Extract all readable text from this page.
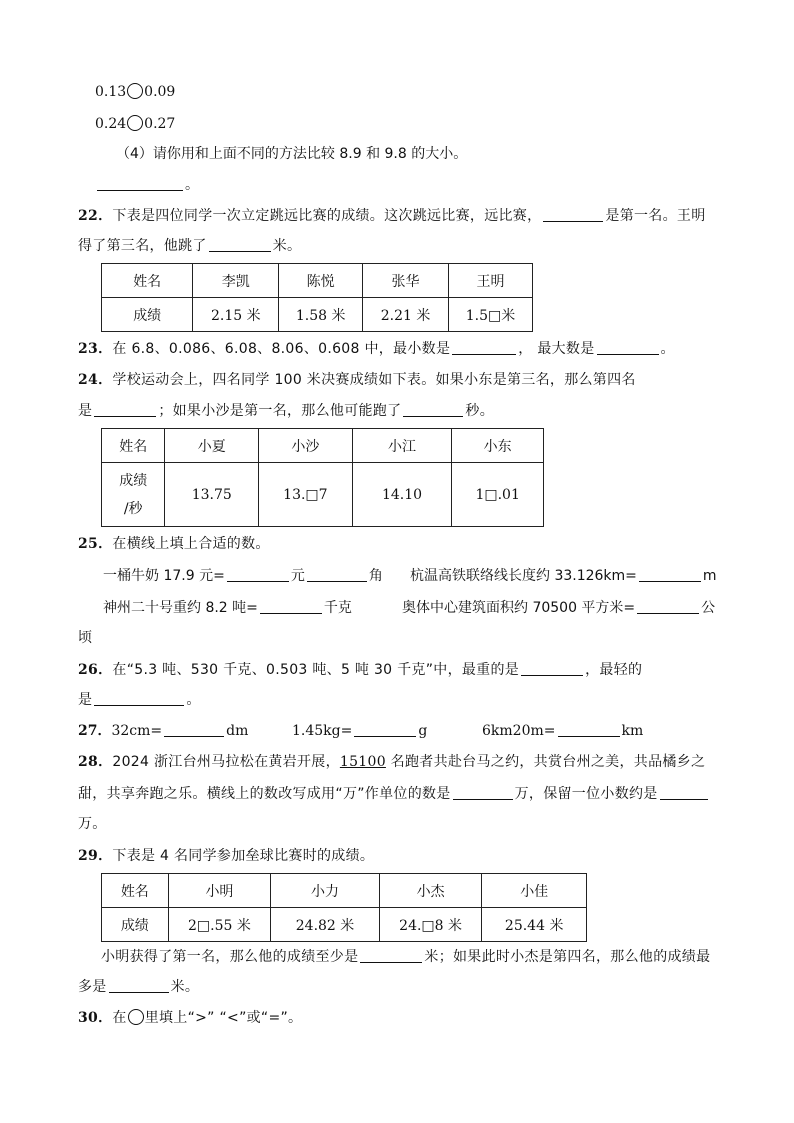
0.13 0.09
0.24 0.27
（4）请你用和上面不同的方法比较 8.9 和 9.8 的大小。
。
22．下表是四位同学一次立定跳远比赛的成绩。这次跳远比赛，远比赛，	是第一名。王明
得了第三名，他跳了	米。
姓名	李凯	陈悦	张华	王明
成绩	2.15 米	1.58 米	2.21 米	1.5□米
23．在 6.8、0.086、6.08、8.06、0.608 中，最小数是	， 最大数是	。
24．学校运动会上，四名同学 100 米决赛成绩如下表。如果小东是第三名，那么第四名
是	；如果小沙是第一名，那么他可能跑了	秒。
姓名	小夏	小沙	小江	小东

成绩
/秒	13.75	13.□7	14.10	1□.01
25．在横线上填上合适的数。
一桶牛奶 17.9 元=	元	角 杭温高铁联络线长度约 33.126km=	m
神州二十号重约 8.2 吨=	千克	奥体中心建筑面积约 70500 平方米=	公
顷
26．在“5.3 吨、530 千克、0.503 吨、5 吨 30 千克”中，最重的是	，最轻的
是	。
27．32cm=	dm	1.45kg=	g	6km20m=	km
28．2024 浙江台州马拉松在黄岩开展，15100 名跑者共赴台马之约，共赏台州之美，共品橘乡之
甜，共享奔跑之乐。横线上的数改写成用“万”作单位的数是	万，保留一位小数约是
万。
29．下表是 4 名同学参加垒球比赛时的成绩。
姓名	小明	小力	小杰	小佳
成绩	2□.55 米	24.82 米	24.□8 米	25.44 米
小明获得了第一名，那么他的成绩至少是	米；如果此时小杰是第四名，那么他的成绩最
多是	米。
30．在 里填上“>” “<”或“=”。
